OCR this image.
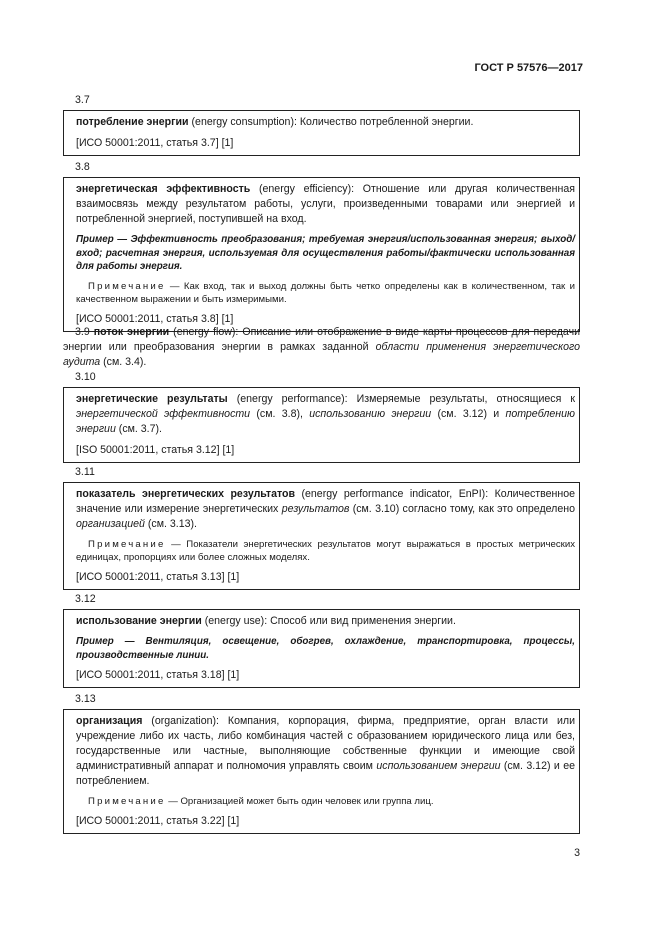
ГОСТ Р 57576—2017
3.7

потребление энергии (energy consumption): Количество потребленной энергии.

[ИСО 50001:2011, статья 3.7] [1]

3.8

энергетическая эффективность (energy efficiency): Отношение или другая количественная взаимосвязь между результатом работы, услуги, произведенными товарами или энергией и потребленной энергией, поступившей на вход.

Пример — Эффективность преобразования; требуемая энергия/использованная энергия; выход/вход; расчетная энергия, используемая для осуществления работы/фактически использованная для работы энергия.

Примечание — Как вход, так и выход должны быть четко определены как в количественном, так и качественном выражении и быть измеримыми.

[ИСО 50001:2011, статья 3.8] [1]

3.9 поток энергии (energy flow): Описание или отображение в виде карты процессов для передачи энергии или преобразования энергии в рамках заданной области применения энергетического аудита (см. 3.4).

3.10

энергетические результаты (energy performance): Измеряемые результаты, относящиеся к энергетической эффективности (см. 3.8), использованию энергии (см. 3.12) и потреблению энергии (см. 3.7).

[ISO 50001:2011, статья 3.12] [1]

3.11

показатель энергетических результатов (energy performance indicator, EnPI): Количественное значение или измерение энергетических результатов (см. 3.10) согласно тому, как это определено организацией (см. 3.13).

Примечание — Показатели энергетических результатов могут выражаться в простых метрических единицах, пропорциях или более сложных моделях.

[ИСО 50001:2011, статья 3.13] [1]

3.12

использование энергии (energy use): Способ или вид применения энергии.

Пример — Вентиляция, освещение, обогрев, охлаждение, транспортировка, процессы, производственные линии.

[ИСО 50001:2011, статья 3.18] [1]

3.13

организация (organization): Компания, корпорация, фирма, предприятие, орган власти или учреждение либо их часть, либо комбинация частей с образованием юридического лица или без, государственные или частные, выполняющие собственные функции и имеющие свой административный аппарат и полномочия управлять своим использованием энергии (см. 3.12) и ее потреблением.

Примечание — Организацией может быть один человек или группа лиц.

[ИСО 50001:2011, статья 3.22] [1]

3
